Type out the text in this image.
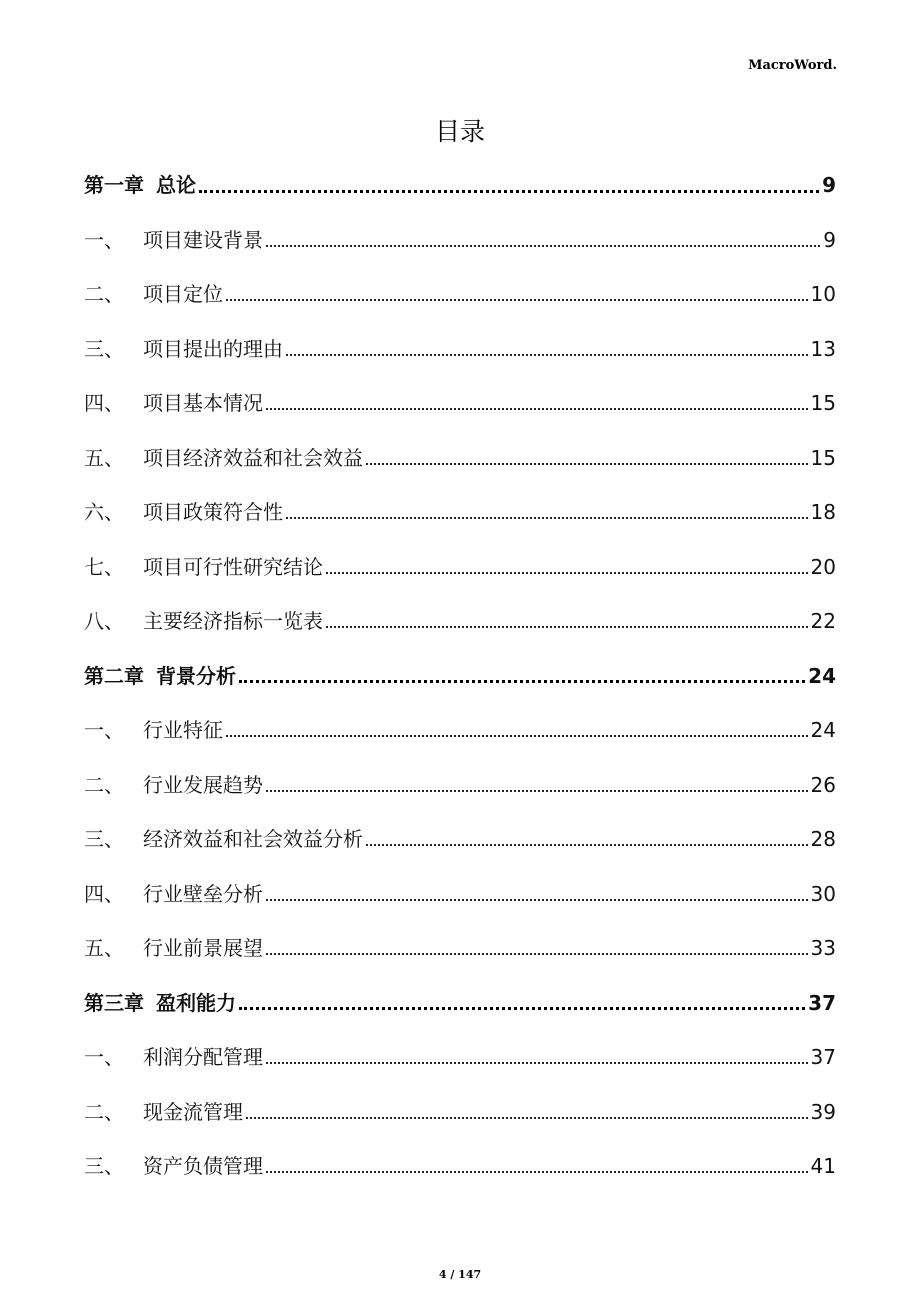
MacroWord.
目录
第一章 总论	9
一、 项目建设背景	9
二、 项目定位	10
三、 项目提出的理由	13
四、 项目基本情况	15
五、 项目经济效益和社会效益	15
六、 项目政策符合性	18
七、 项目可行性研究结论	20
八、 主要经济指标一览表	22
第二章 背景分析	24
一、 行业特征	24
二、 行业发展趋势	26
三、 经济效益和社会效益分析	28
四、 行业壁垒分析	30
五、 行业前景展望	33
第三章 盈利能力	37
一、 利润分配管理	37
二、 现金流管理	39
三、 资产负债管理	41
4 / 147
